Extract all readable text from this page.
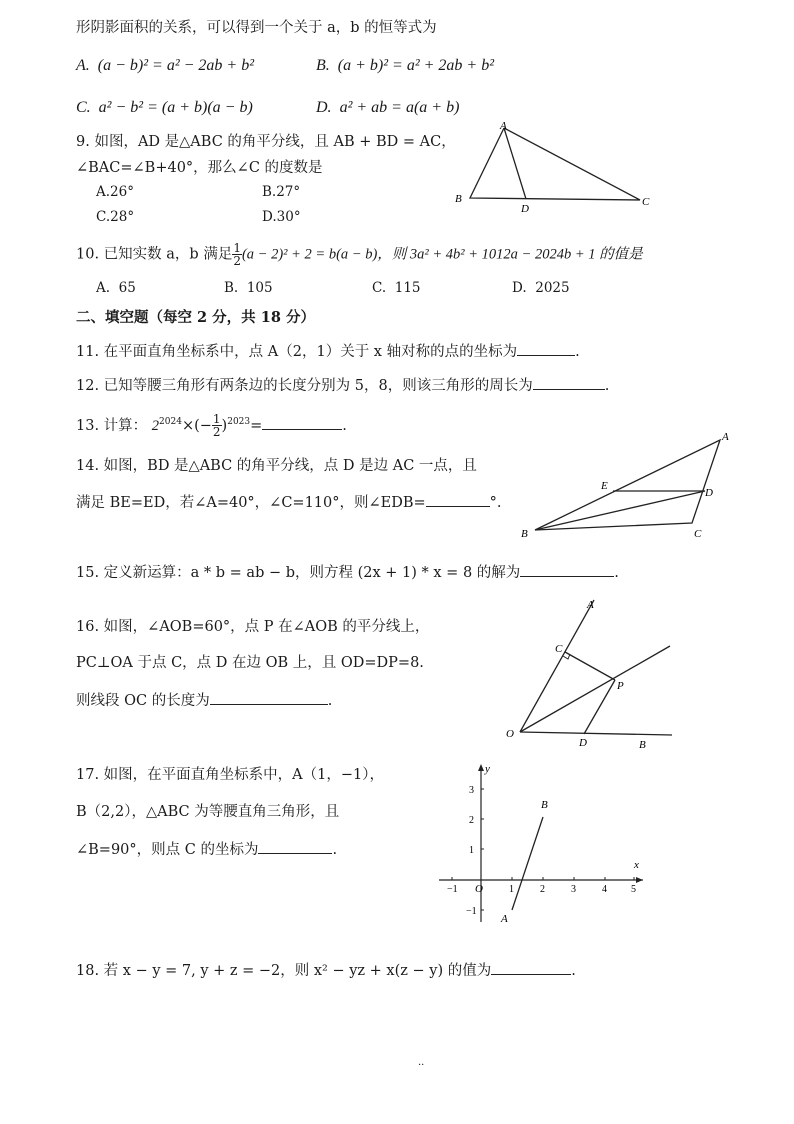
形阴影面积的关系，可以得到一个关于 a，b 的恒等式为
A. (a − b)² = a² − 2ab + b²	B. (a + b)² = a² + 2ab + b²
C. a² − b² = (a + b)(a − b)	D. a² + ab = a(a + b)
9. 如图，AD 是△ABC 的角平分线，且 AB + BD = AC，
∠BAC=∠B+40°，那么∠C 的度数是
A.26°	B.27°
C.28°	D.30°
A
B	C
D
10. 已知实数 a，b 满足 $\frac{1}{2} (a - 2)^2 + 2 = b(a - b)$，则 3a² + 4b² + 1012a − 2024b + 1 的值是
A. 65	B. 105	C. 115	D. 2025
二、填空题（每空 2 分，共 18 分）
11. 在平面直角坐标系中，点 A（2，1）关于 x 轴对称的点的坐标为	.
12. 已知等腰三角形有两条边的长度分别为 5，8，则该三角形的周长为	.
13. 计算： $2^{2024}\times(- \frac{1}{2} )^{2023}=$	.
14. 如图，BD 是△ABC 的角平分线，点 D 是边 AC 一点，且
满足 BE=ED，若∠A=40°，∠C=110°，则∠EDB=	°.
A
B	C
D
E
15. 定义新运算：a * b = ab − b，则方程 (2x + 1) * x = 8 的解为	.
16. 如图，∠AOB=60°，点 P 在∠AOB 的平分线上，
PC⊥OA 于点 C，点 D 在边 OB 上，且 OD=DP=8.
则线段 OC 的长度为	.
A
B
C
D
O
P
17. 如图，在平面直角坐标系中，A（1，−1），
B（2,2），△ABC 为等腰直角三角形，且
∠B=90°，则点 C 的坐标为	.
x
y
O
−1	1	2	3	4 5
3
2
1
−1
A
B
18. 若 x − y = 7, y + z = −2，则 x² − yz + x(z − y) 的值为	.
··
